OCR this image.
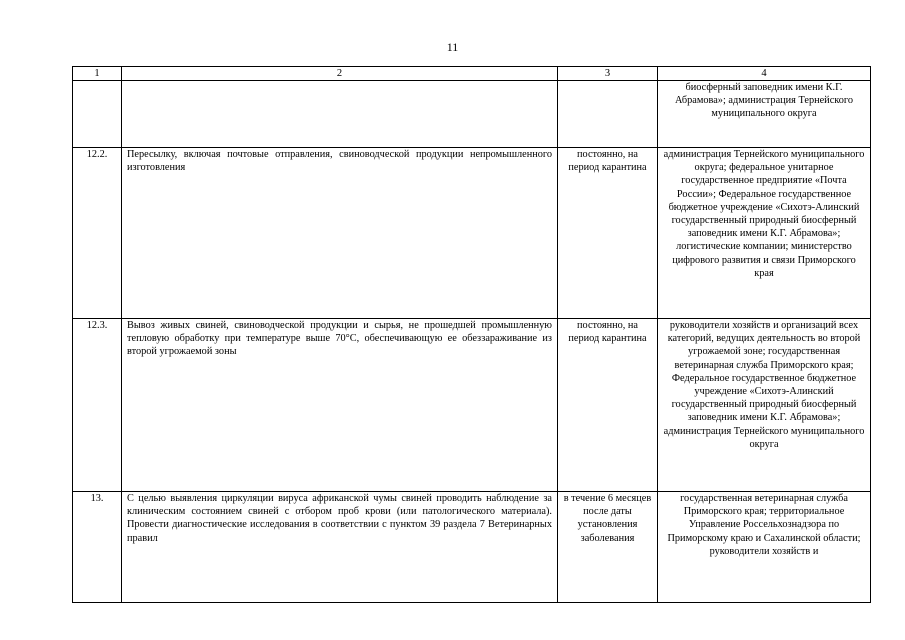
11
1	2	3	4
			биосферный заповедник имени К.Г. Абрамова»; администрация Тернейского муниципального округа
12.2.	Пересылку, включая почтовые отправления, свиноводческой продукции непромышленного изготовления	постоянно, на период карантина	администрация Тернейского муниципального округа; федеральное унитарное государственное предприятие «Почта России»; Федеральное государственное бюджетное учреждение «Сихотэ-Алинский государственный природный биосферный заповедник имени К.Г. Абрамова»; логистические компании; министерство цифрового развития и связи Приморского края
12.3.	Вывоз живых свиней, свиноводческой продукции и сырья, не прошедшей промышленную тепловую обработку при температуре выше 70°С, обеспечивающую ее обеззараживание из второй угрожаемой зоны	постоянно, на период карантина	руководители хозяйств и организаций всех категорий, ведущих деятельность во второй угрожаемой зоне; государственная ветеринарная служба Приморского края; Федеральное государственное бюджетное учреждение «Сихотэ-Алинский государственный природный биосферный заповедник имени К.Г. Абрамова»; администрация Тернейского муниципального округа
13.	С целью выявления циркуляции вируса африканской чумы свиней проводить наблюдение за клиническим состоянием свиней с отбором проб крови (или патологического материала). Провести диагностические исследования в соответствии с пунктом 39 раздела 7 Ветеринарных правил	в течение 6 месяцев после даты установления заболевания	государственная ветеринарная служба Приморского края; территориальное Управление Россельхознадзора по Приморскому краю и Сахалинской области; руководители хозяйств и
